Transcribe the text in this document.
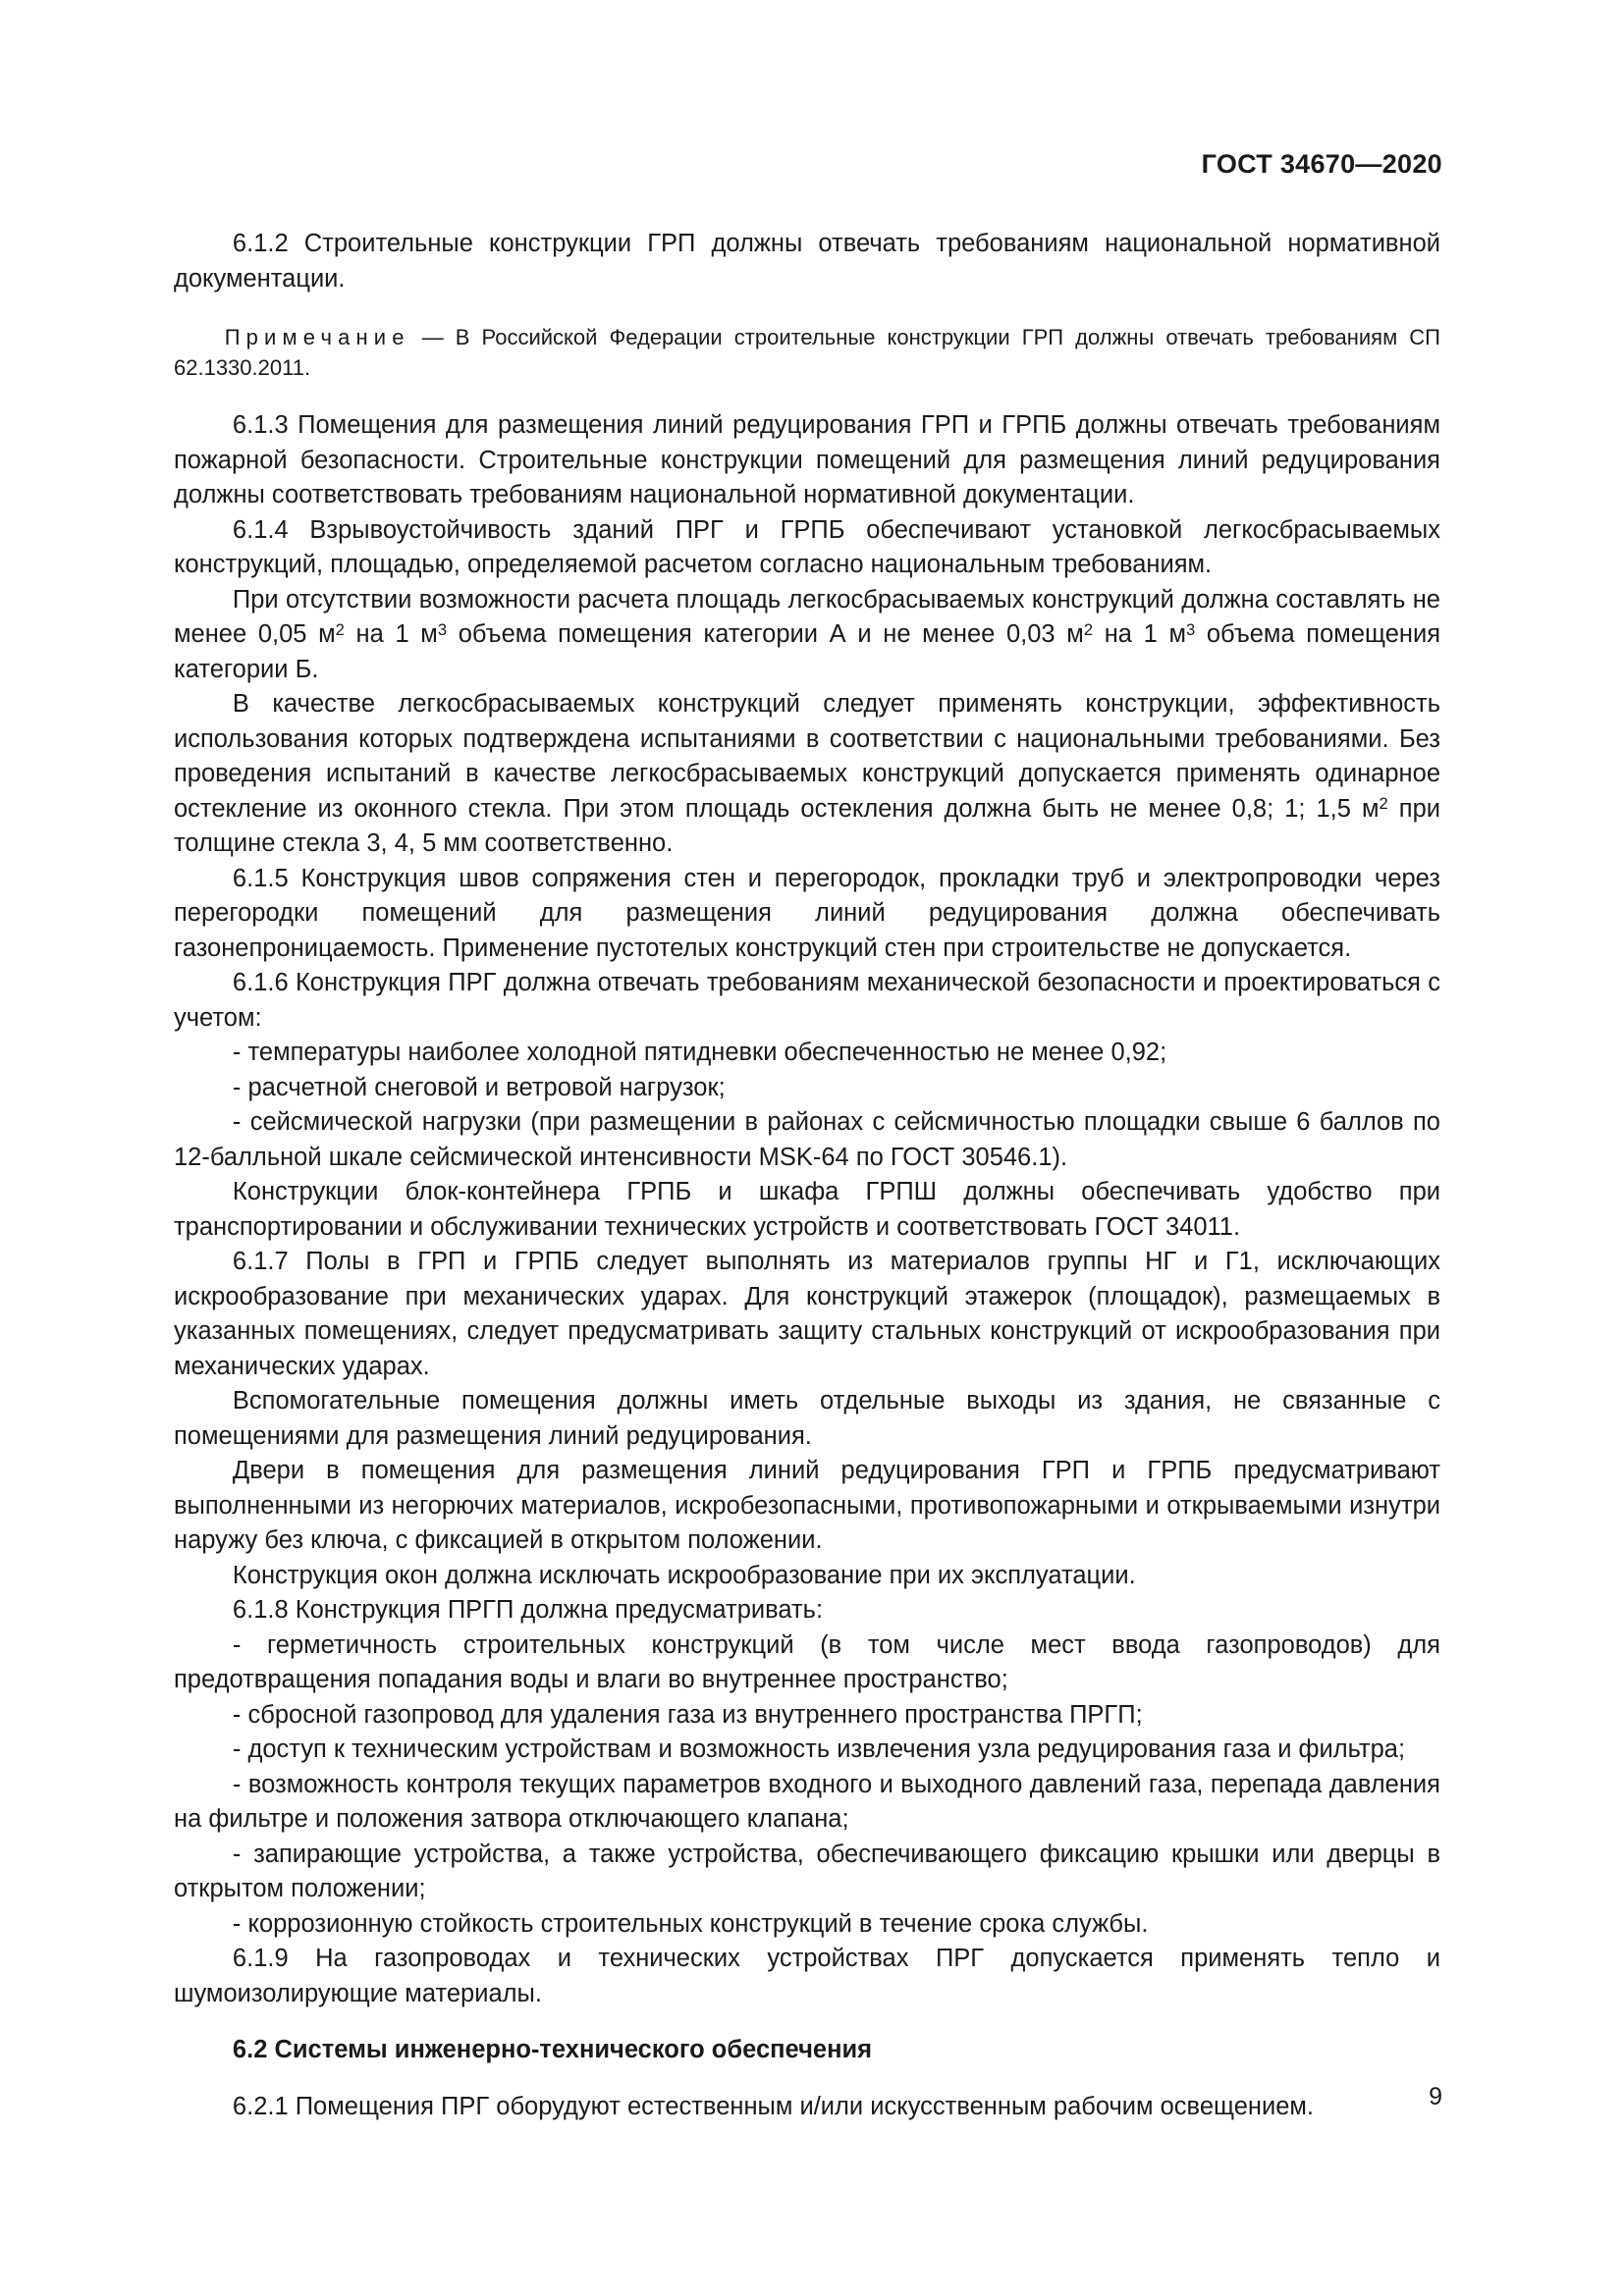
ГОСТ 34670—2020

6.1.2 Строительные конструкции ГРП должны отвечать требованиям национальной нормативной документации.

Примечание — В Российской Федерации строительные конструкции ГРП должны отвечать требованиям СП 62.1330.2011.

6.1.3 Помещения для размещения линий редуцирования ГРП и ГРПБ должны отвечать требованиям пожарной безопасности. Строительные конструкции помещений для размещения линий редуцирования должны соответствовать требованиям национальной нормативной документации.

6.1.4 Взрывоустойчивость зданий ПРГ и ГРПБ обеспечивают установкой легкосбрасываемых конструкций, площадью, определяемой расчетом согласно национальным требованиям.

При отсутствии возможности расчета площадь легкосбрасываемых конструкций должна составлять не менее 0,05 $м^2$ на 1 $м^3$ объема помещения категории А и не менее 0,03 $м^2$ на 1 $м^3$ объема помещения категории Б.

В качестве легкосбрасываемых конструкций следует применять конструкции, эффективность использования которых подтверждена испытаниями в соответствии с национальными требованиями. Без проведения испытаний в качестве легкосбрасываемых конструкций допускается применять одинарное остекление из оконного стекла. При этом площадь остекления должна быть не менее 0,8; 1; 1,5 $м^2$ при толщине стекла 3, 4, 5 мм соответственно.

6.1.5 Конструкция швов сопряжения стен и перегородок, прокладки труб и электропроводки через перегородки помещений для размещения линий редуцирования должна обеспечивать газонепроницаемость. Применение пустотелых конструкций стен при строительстве не допускается.

6.1.6 Конструкция ПРГ должна отвечать требованиям механической безопасности и проектироваться с учетом:

- температуры наиболее холодной пятидневки обеспеченностью не менее 0,92;

- расчетной снеговой и ветровой нагрузок;

- сейсмической нагрузки (при размещении в районах с сейсмичностью площадки свыше 6 баллов по 12-балльной шкале сейсмической интенсивности MSK-64 по ГОСТ 30546.1).

Конструкции блок-контейнера ГРПБ и шкафа ГРПШ должны обеспечивать удобство при транспортировании и обслуживании технических устройств и соответствовать ГОСТ 34011.

6.1.7 Полы в ГРП и ГРПБ следует выполнять из материалов группы НГ и Г1, исключающих искрообразование при механических ударах. Для конструкций этажерок (площадок), размещаемых в указанных помещениях, следует предусматривать защиту стальных конструкций от искрообразования при механических ударах.

Вспомогательные помещения должны иметь отдельные выходы из здания, не связанные с помещениями для размещения линий редуцирования.

Двери в помещения для размещения линий редуцирования ГРП и ГРПБ предусматривают выполненными из негорючих материалов, искробезопасными, противопожарными и открываемыми изнутри наружу без ключа, с фиксацией в открытом положении.

Конструкция окон должна исключать искрообразование при их эксплуатации.

6.1.8 Конструкция ПРГП должна предусматривать:

- герметичность строительных конструкций (в том числе мест ввода газопроводов) для предотвращения попадания воды и влаги во внутреннее пространство;

- сбросной газопровод для удаления газа из внутреннего пространства ПРГП;

- доступ к техническим устройствам и возможность извлечения узла редуцирования газа и фильтра;

- возможность контроля текущих параметров входного и выходного давлений газа, перепада давления на фильтре и положения затвора отключающего клапана;

- запирающие устройства, а также устройства, обеспечивающего фиксацию крышки или дверцы в открытом положении;

- коррозионную стойкость строительных конструкций в течение срока службы.

6.1.9 На газопроводах и технических устройствах ПРГ допускается применять тепло и шумоизолирующие материалы.

6.2 Системы инженерно-технического обеспечения

6.2.1 Помещения ПРГ оборудуют естественным и/или искусственным рабочим освещением.	9
